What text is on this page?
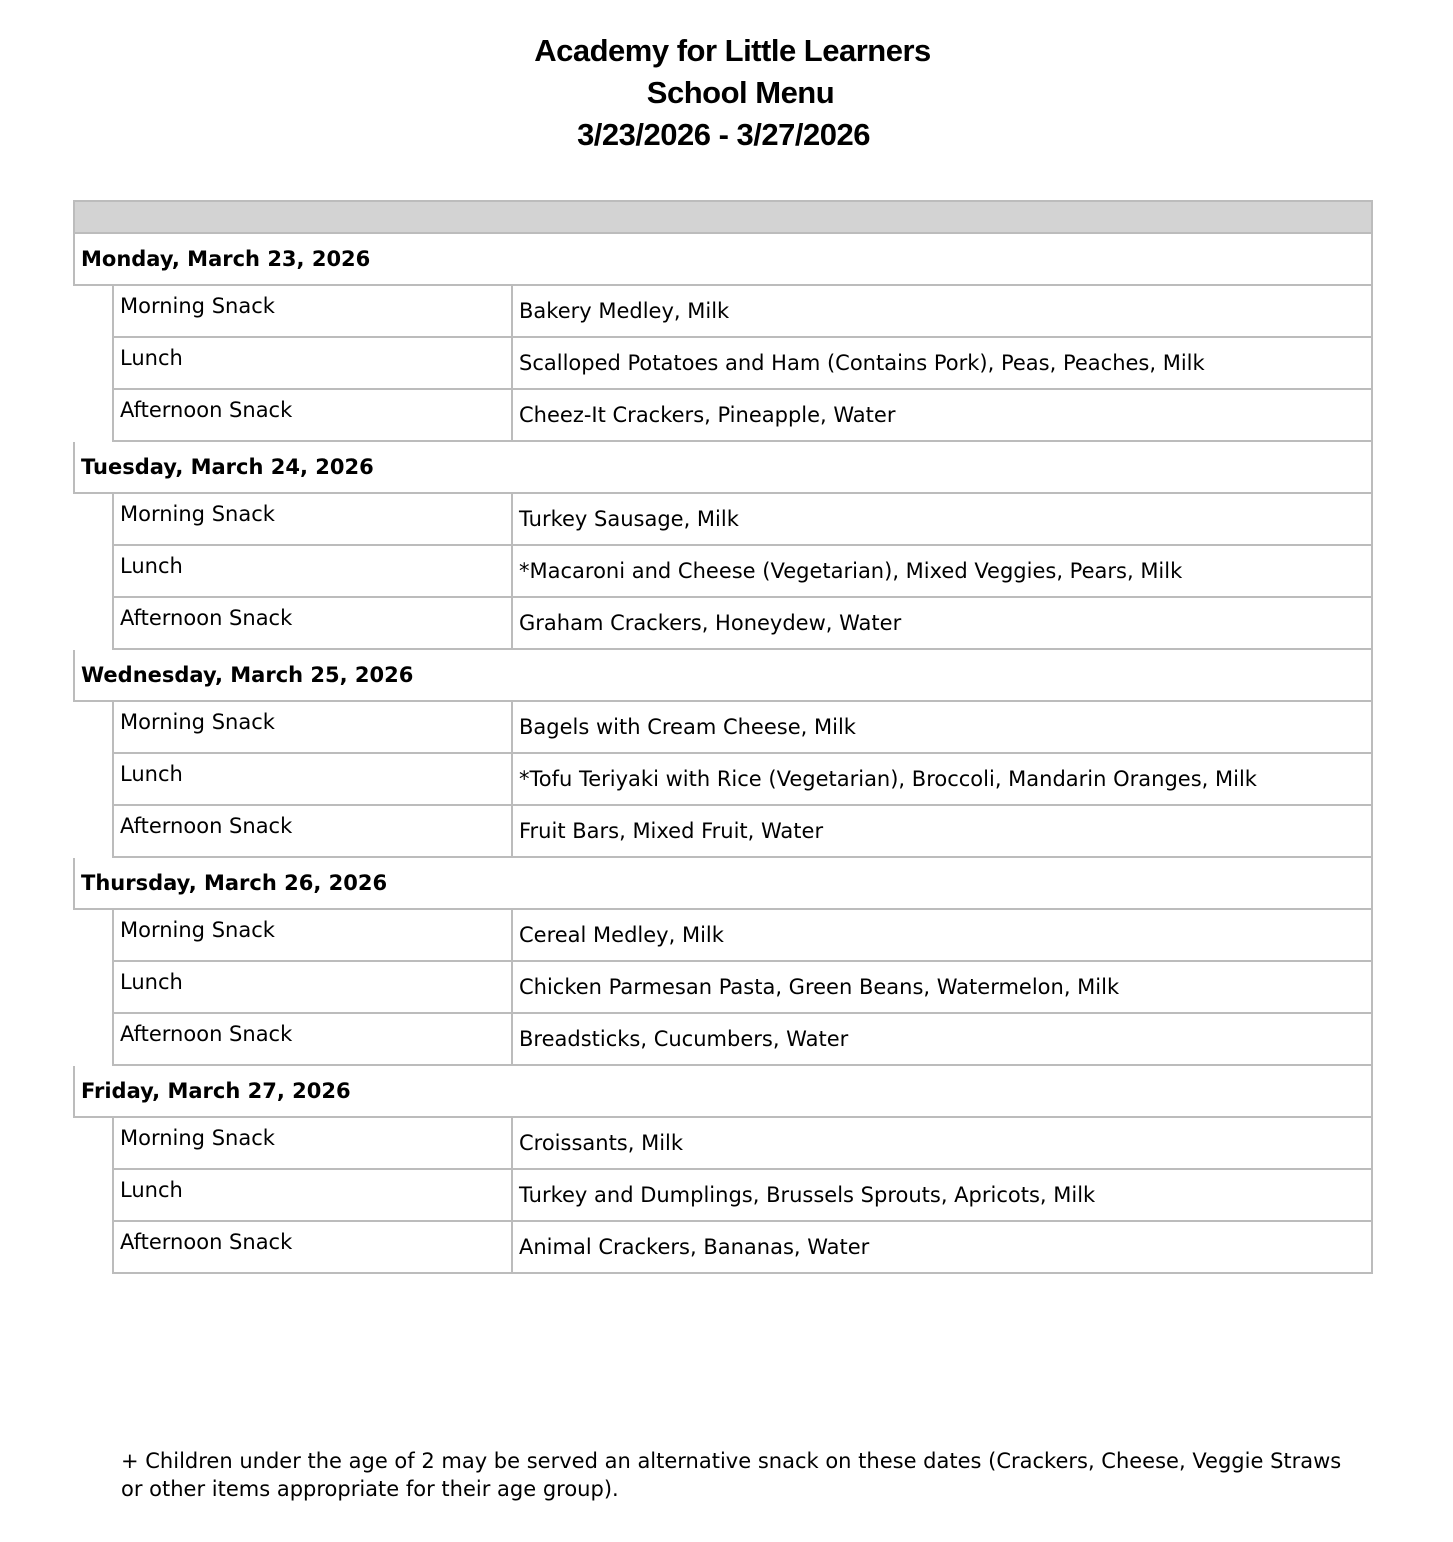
Academy for Little Learners
School Menu
3/23/2026 - 3/27/2026
Monday, March 23, 2026
Morning Snack	Bakery Medley, Milk
Lunch	Scalloped Potatoes and Ham (Contains Pork), Peas, Peaches, Milk
Afternoon Snack	Cheez-It Crackers, Pineapple, Water
Tuesday, March 24, 2026
Morning Snack	Turkey Sausage, Milk
Lunch	*Macaroni and Cheese (Vegetarian), Mixed Veggies, Pears, Milk
Afternoon Snack	Graham Crackers, Honeydew, Water
Wednesday, March 25, 2026
Morning Snack	Bagels with Cream Cheese, Milk
Lunch	*Tofu Teriyaki with Rice (Vegetarian), Broccoli, Mandarin Oranges, Milk
Afternoon Snack	Fruit Bars, Mixed Fruit, Water
Thursday, March 26, 2026
Morning Snack	Cereal Medley, Milk
Lunch	Chicken Parmesan Pasta, Green Beans, Watermelon, Milk
Afternoon Snack	Breadsticks, Cucumbers, Water
Friday, March 27, 2026
Morning Snack	Croissants, Milk
Lunch	Turkey and Dumplings, Brussels Sprouts, Apricots, Milk
Afternoon Snack	Animal Crackers, Bananas, Water
+ Children under the age of 2 may be served an alternative snack on these dates (Crackers, Cheese, Veggie Straws or other items appropriate for their age group).
